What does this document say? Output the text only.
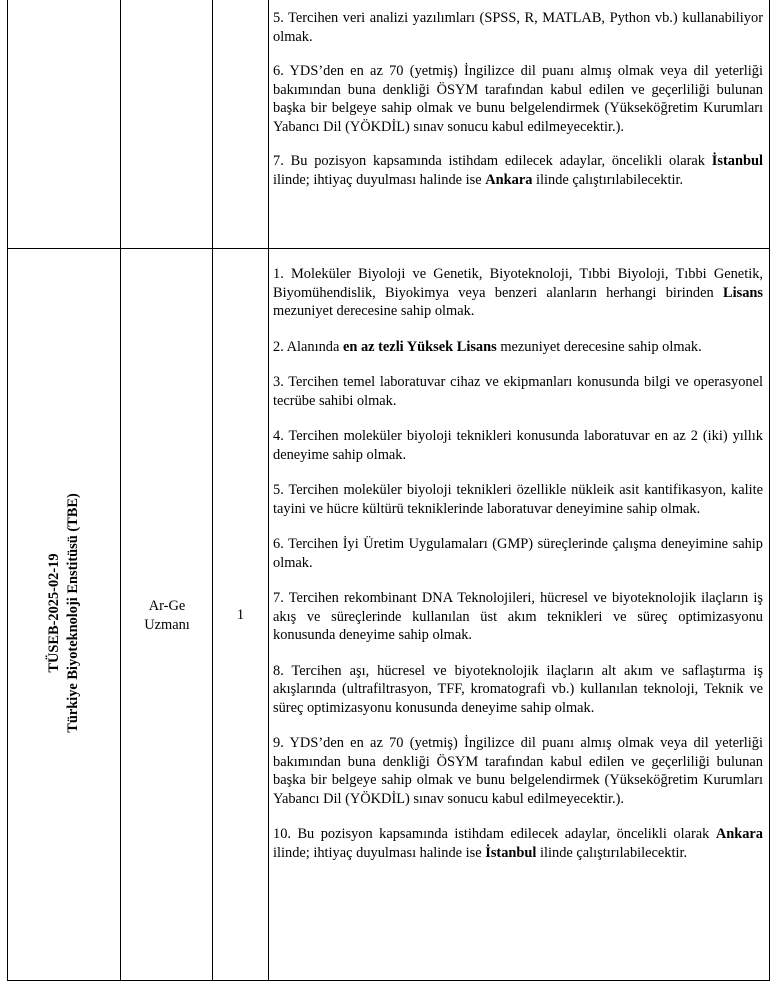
5. Tercihen veri analizi yazılımları (SPSS, R, MATLAB, Python vb.) kullanabiliyor olmak.

6. YDS’den en az 70 (yetmiş) İngilizce dil puanı almış olmak veya dil yeterliği bakımından buna denkliği ÖSYM tarafından kabul edilen ve geçerliliği bulunan başka bir belgeye sahip olmak ve bunu belgelendirmek (Yükseköğretim Kurumları Yabancı Dil (YÖKDİL) sınav sonucu kabul edilmeyecektir.).

7. Bu pozisyon kapsamında istihdam edilecek adaylar, öncelikli olarak İstanbul ilinde; ihtiyaç duyulması halinde ise Ankara ilinde çalıştırılabilecektir.

TÜSEB-2025-02-19 Türkiye Biyoteknoloji Enstitüsü (TBE)	Ar-Ge Uzmanı
1

1. Moleküler Biyoloji ve Genetik, Biyoteknoloji, Tıbbi Biyoloji, Tıbbi Genetik, Biyomühendislik, Biyokimya veya benzeri alanların herhangi birinden Lisans mezuniyet derecesine sahip olmak.

2. Alanında en az tezli Yüksek Lisans mezuniyet derecesine sahip olmak.

3. Tercihen temel laboratuvar cihaz ve ekipmanları konusunda bilgi ve operasyonel tecrübe sahibi olmak.

4. Tercihen moleküler biyoloji teknikleri konusunda laboratuvar en az 2 (iki) yıllık deneyime sahip olmak.

5. Tercihen moleküler biyoloji teknikleri özellikle nükleik asit kantifikasyon, kalite tayini ve hücre kültürü tekniklerinde laboratuvar deneyimine sahip olmak.

6. Tercihen İyi Üretim Uygulamaları (GMP) süreçlerinde çalışma deneyimine sahip olmak.

7. Tercihen rekombinant DNA Teknolojileri, hücresel ve biyoteknolojik ilaçların iş akış ve süreçlerinde kullanılan üst akım teknikleri ve süreç optimizasyonu konusunda deneyime sahip olmak.

8. Tercihen aşı, hücresel ve biyoteknolojik ilaçların alt akım ve saflaştırma iş akışlarında (ultrafiltrasyon, TFF, kromatografi vb.) kullanılan teknoloji, Teknik ve süreç optimizasyonu konusunda deneyime sahip olmak.

9. YDS’den en az 70 (yetmiş) İngilizce dil puanı almış olmak veya dil yeterliği bakımından buna denkliği ÖSYM tarafından kabul edilen ve geçerliliği bulunan başka bir belgeye sahip olmak ve bunu belgelendirmek (Yükseköğretim Kurumları Yabancı Dil (YÖKDİL) sınav sonucu kabul edilmeyecektir.).

10. Bu pozisyon kapsamında istihdam edilecek adaylar, öncelikli olarak Ankara ilinde; ihtiyaç duyulması halinde ise İstanbul ilinde çalıştırılabilecektir.
